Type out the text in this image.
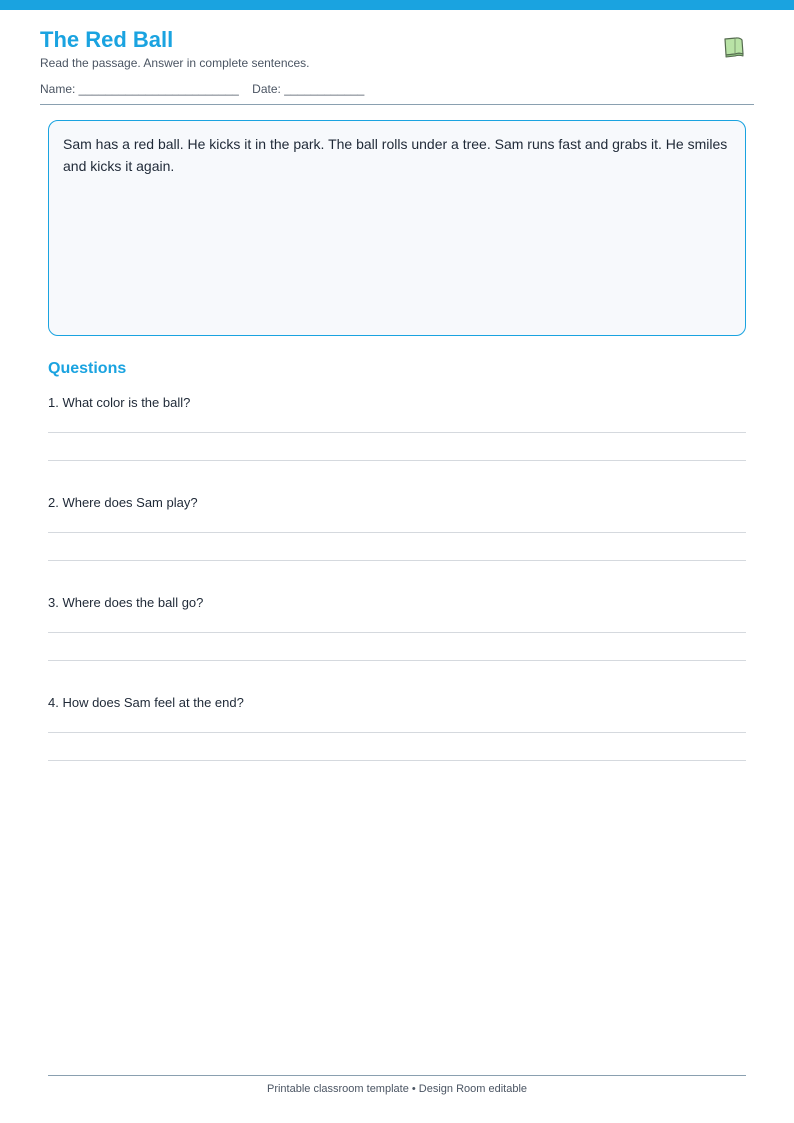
The Red Ball
Read the passage. Answer in complete sentences.
Name: ________________________    Date: ____________
Sam has a red ball. He kicks it in the park. The ball rolls under a tree. Sam runs fast and grabs it. He smiles and kicks it again.
Questions
1. What color is the ball?
2. Where does Sam play?
3. Where does the ball go?
4. How does Sam feel at the end?
Printable classroom template • Design Room editable
